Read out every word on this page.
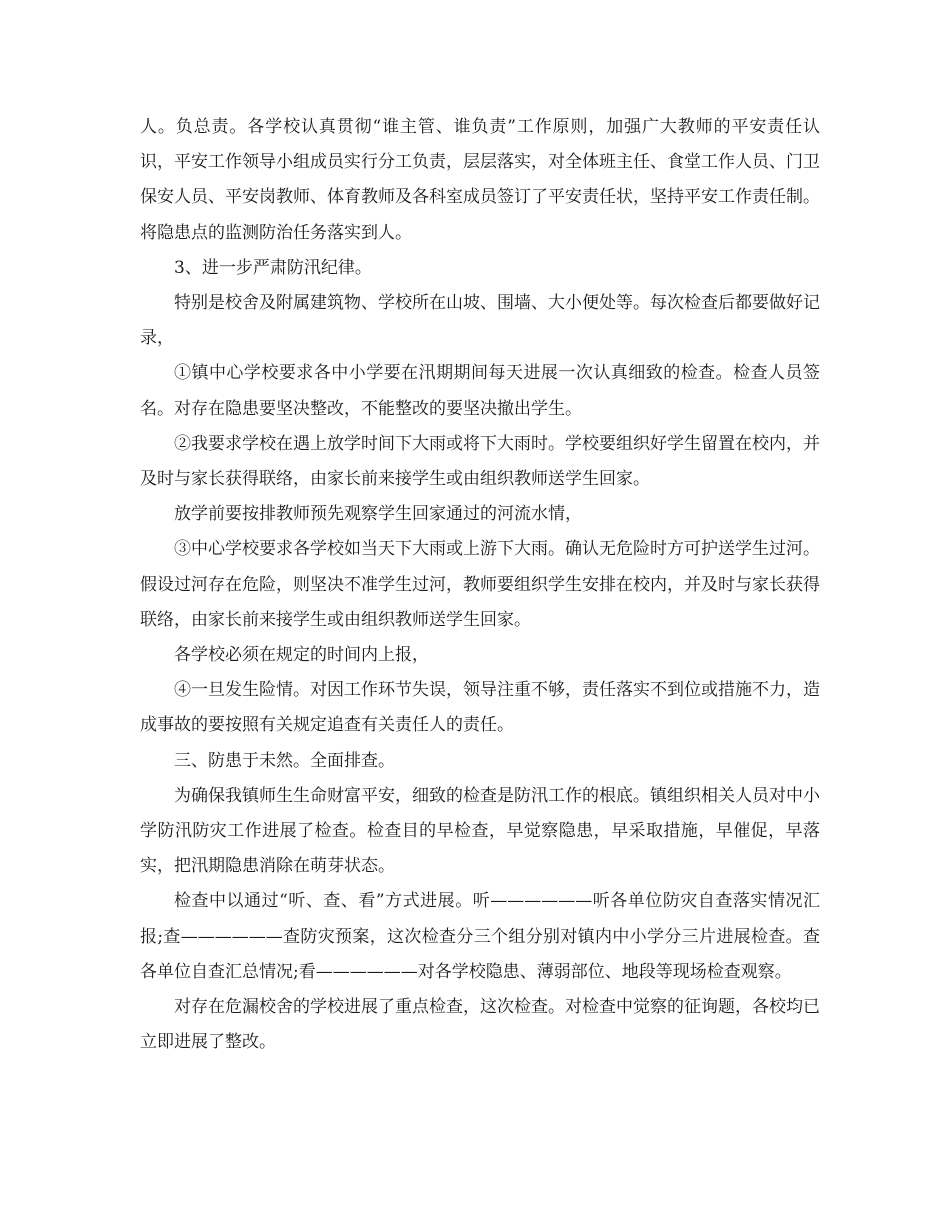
人。负总责。各学校认真贯彻“谁主管、谁负责”工作原则，加强广大教师的平安责任认识，平安工作领导小组成员实行分工负责，层层落实，对全体班主任、食堂工作人员、门卫保安人员、平安岗教师、体育教师及各科室成员签订了平安责任状，坚持平安工作责任制。将隐患点的监测防治任务落实到人。

3、进一步严肃防汛纪律。

特别是校舍及附属建筑物、学校所在山坡、围墙、大小便处等。每次检查后都要做好记录，

①镇中心学校要求各中小学要在汛期期间每天进展一次认真细致的检查。检查人员签名。对存在隐患要坚决整改，不能整改的要坚决撤出学生。

②我要求学校在遇上放学时间下大雨或将下大雨时。学校要组织好学生留置在校内，并及时与家长获得联络，由家长前来接学生或由组织教师送学生回家。

放学前要按排教师预先观察学生回家通过的河流水情，

③中心学校要求各学校如当天下大雨或上游下大雨。确认无危险时方可护送学生过河。假设过河存在危险，则坚决不准学生过河，教师要组织学生安排在校内，并及时与家长获得联络，由家长前来接学生或由组织教师送学生回家。

各学校必须在规定的时间内上报，

④一旦发生险情。对因工作环节失误，领导注重不够，责任落实不到位或措施不力，造成事故的要按照有关规定追查有关责任人的责任。

三、防患于未然。全面排查。

为确保我镇师生生命财富平安，细致的检查是防汛工作的根底。镇组织相关人员对中小学防汛防灾工作进展了检查。检查目的早检查，早觉察隐患，早采取措施，早催促，早落实，把汛期隐患消除在萌芽状态。

检查中以通过“听、查、看”方式进展。听——————听各单位防灾自查落实情况汇报;查——————查防灾预案，这次检查分三个组分别对镇内中小学分三片进展检查。查各单位自查汇总情况;看——————对各学校隐患、薄弱部位、地段等现场检查观察。

对存在危漏校舍的学校进展了重点检查，这次检查。对检查中觉察的征询题，各校均已立即进展了整改。
